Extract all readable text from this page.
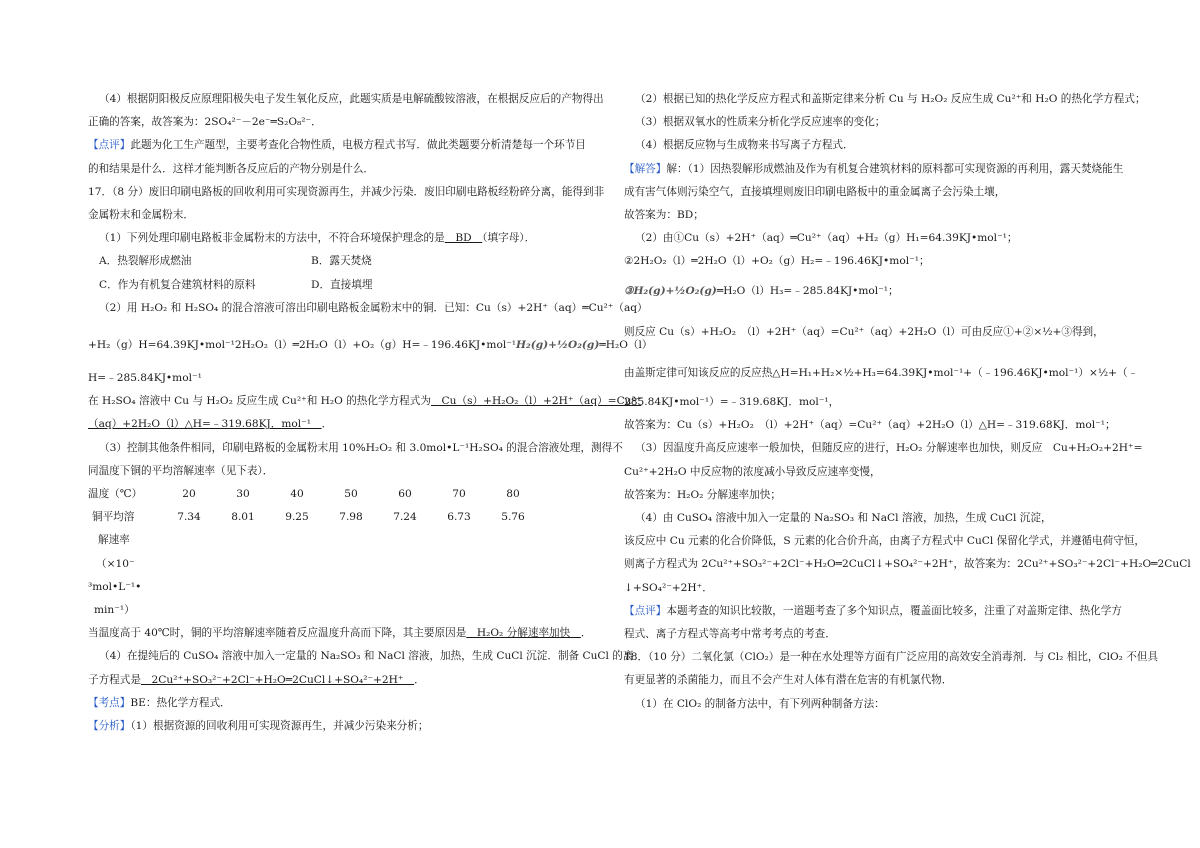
（4）根据阴阳极反应原理阳极失电子发生氧化反应，此题实质是电解硫酸铵溶液，在根据反应后的产物得出
正确的答案，故答案为：2SO₄²⁻－2e⁻═S₂O₈²⁻．
【点评】此题为化工生产题型，主要考查化合物性质，电极方程式书写．做此类题要分析清楚每一个环节目
的和结果是什么．这样才能判断各反应后的产物分别是什么．
17．（8 分）废旧印刷电路板的回收利用可实现资源再生，并减少污染．废旧印刷电路板经粉碎分离，能得到非
金属粉末和金属粉末．
（1）下列处理印刷电路板非金属粉末的方法中，不符合环境保护理念的是　BD　（填字母）．
A．热裂解形成燃油	B．露天焚烧
C．作为有机复合建筑材料的原料	D．直接填埋
（2）用 H₂O₂ 和 H₂SO₄ 的混合溶液可溶出印刷电路板金属粉末中的铜．已知：Cu（s）+2H⁺（aq）═Cu²⁺（aq）
+H₂（g）H=64.39KJ•mol⁻¹2H₂O₂（l）═2H₂O（l）+O₂（g）H=﹣196.46KJ•mol⁻¹H₂(g)+½O₂(g)═H₂O（l）
H=﹣285.84KJ•mol⁻¹
在 H₂SO₄ 溶液中 Cu 与 H₂O₂ 反应生成 Cu²⁺和 H₂O 的热化学方程式为　Cu（s）+H₂O₂（l）+2H⁺（aq）=Cu²⁺
（aq）+2H₂O（l）△H=﹣319.68KJ．mol⁻¹　．
（3）控制其他条件相同，印刷电路板的金属粉末用 10%H₂O₂ 和 3.0mol•L⁻¹H₂SO₄ 的混合溶液处理，测得不
同温度下铜的平均溶解速率（见下表）．
温度（℃）	20	30	40	50	60	70	80
铜平均溶	7.34	8.01	9.25	7.98	7.24	6.73	5.76
解速率							
（×10⁻							
³mol•L⁻¹•							
min⁻¹）							
当温度高于 40℃时，铜的平均溶解速率随着反应温度升高而下降，其主要原因是　H₂O₂ 分解速率加快　．
（4）在提纯后的 CuSO₄ 溶液中加入一定量的 Na₂SO₃ 和 NaCl 溶液，加热，生成 CuCl 沉淀．制备 CuCl 的离
子方程式是　2Cu²⁺+SO₃²⁻+2Cl⁻+H₂O═2CuCl↓+SO₄²⁻+2H⁺　．
【考点】BE：热化学方程式．
【分析】（1）根据资源的回收利用可实现资源再生，并减少污染来分析；
（2）根据已知的热化学反应方程式和盖斯定律来分析 Cu 与 H₂O₂ 反应生成 Cu²⁺和 H₂O 的热化学方程式；
（3）根据双氧水的性质来分析化学反应速率的变化；
（4）根据反应物与生成物来书写离子方程式．
【解答】解：（1）因热裂解形成燃油及作为有机复合建筑材料的原料都可实现资源的再利用，露天焚烧能生
成有害气体则污染空气，直接填埋则废旧印刷电路板中的重金属离子会污染土壤，
故答案为：BD；
（2）由①Cu（s）+2H⁺（aq）═Cu²⁺（aq）+H₂（g）H₁=64.39KJ•mol⁻¹；
②2H₂O₂（l）═2H₂O（l）+O₂（g）H₂=﹣196.46KJ•mol⁻¹；
③H₂(g)+½O₂(g)═H₂O（l）H₃=﹣285.84KJ•mol⁻¹；
则反应 Cu（s）+H₂O₂　（l）+2H⁺（aq）=Cu²⁺（aq）+2H₂O（l）可由反应①+②×½+③得到，
由盖斯定律可知该反应的反应热△H=H₁+H₂×½+H₃=64.39KJ•mol⁻¹+（﹣196.46KJ•mol⁻¹）×½+（﹣
285.84KJ•mol⁻¹）=﹣319.68KJ．mol⁻¹，
故答案为：Cu（s）+H₂O₂　（l）+2H⁺（aq）=Cu²⁺（aq）+2H₂O（l）△H=﹣319.68KJ．mol⁻¹；
（3）因温度升高反应速率一般加快，但随反应的进行，H₂O₂ 分解速率也加快，则反应　Cu+H₂O₂+2H⁺=
Cu²⁺+2H₂O 中反应物的浓度减小导致反应速率变慢，
故答案为：H₂O₂ 分解速率加快；
（4）由 CuSO₄ 溶液中加入一定量的 Na₂SO₃ 和 NaCl 溶液，加热，生成 CuCl 沉淀，
该反应中 Cu 元素的化合价降低，S 元素的化合价升高，由离子方程式中 CuCl 保留化学式，并遵循电荷守恒，
则离子方程式为 2Cu²⁺+SO₃²⁻+2Cl⁻+H₂O═2CuCl↓+SO₄²⁻+2H⁺，故答案为：2Cu²⁺+SO₃²⁻+2Cl⁻+H₂O═2CuCl
↓+SO₄²⁻+2H⁺．
【点评】本题考查的知识比较散，一道题考查了多个知识点，覆盖面比较多，注重了对盖斯定律、热化学方
程式、离子方程式等高考中常考考点的考查．
18．（10 分）二氧化氯（ClO₂）是一种在水处理等方面有广泛应用的高效安全消毒剂．与 Cl₂ 相比，ClO₂ 不但具
有更显著的杀菌能力，而且不会产生对人体有潜在危害的有机氯代物．
（1）在 ClO₂ 的制备方法中，有下列两种制备方法：
